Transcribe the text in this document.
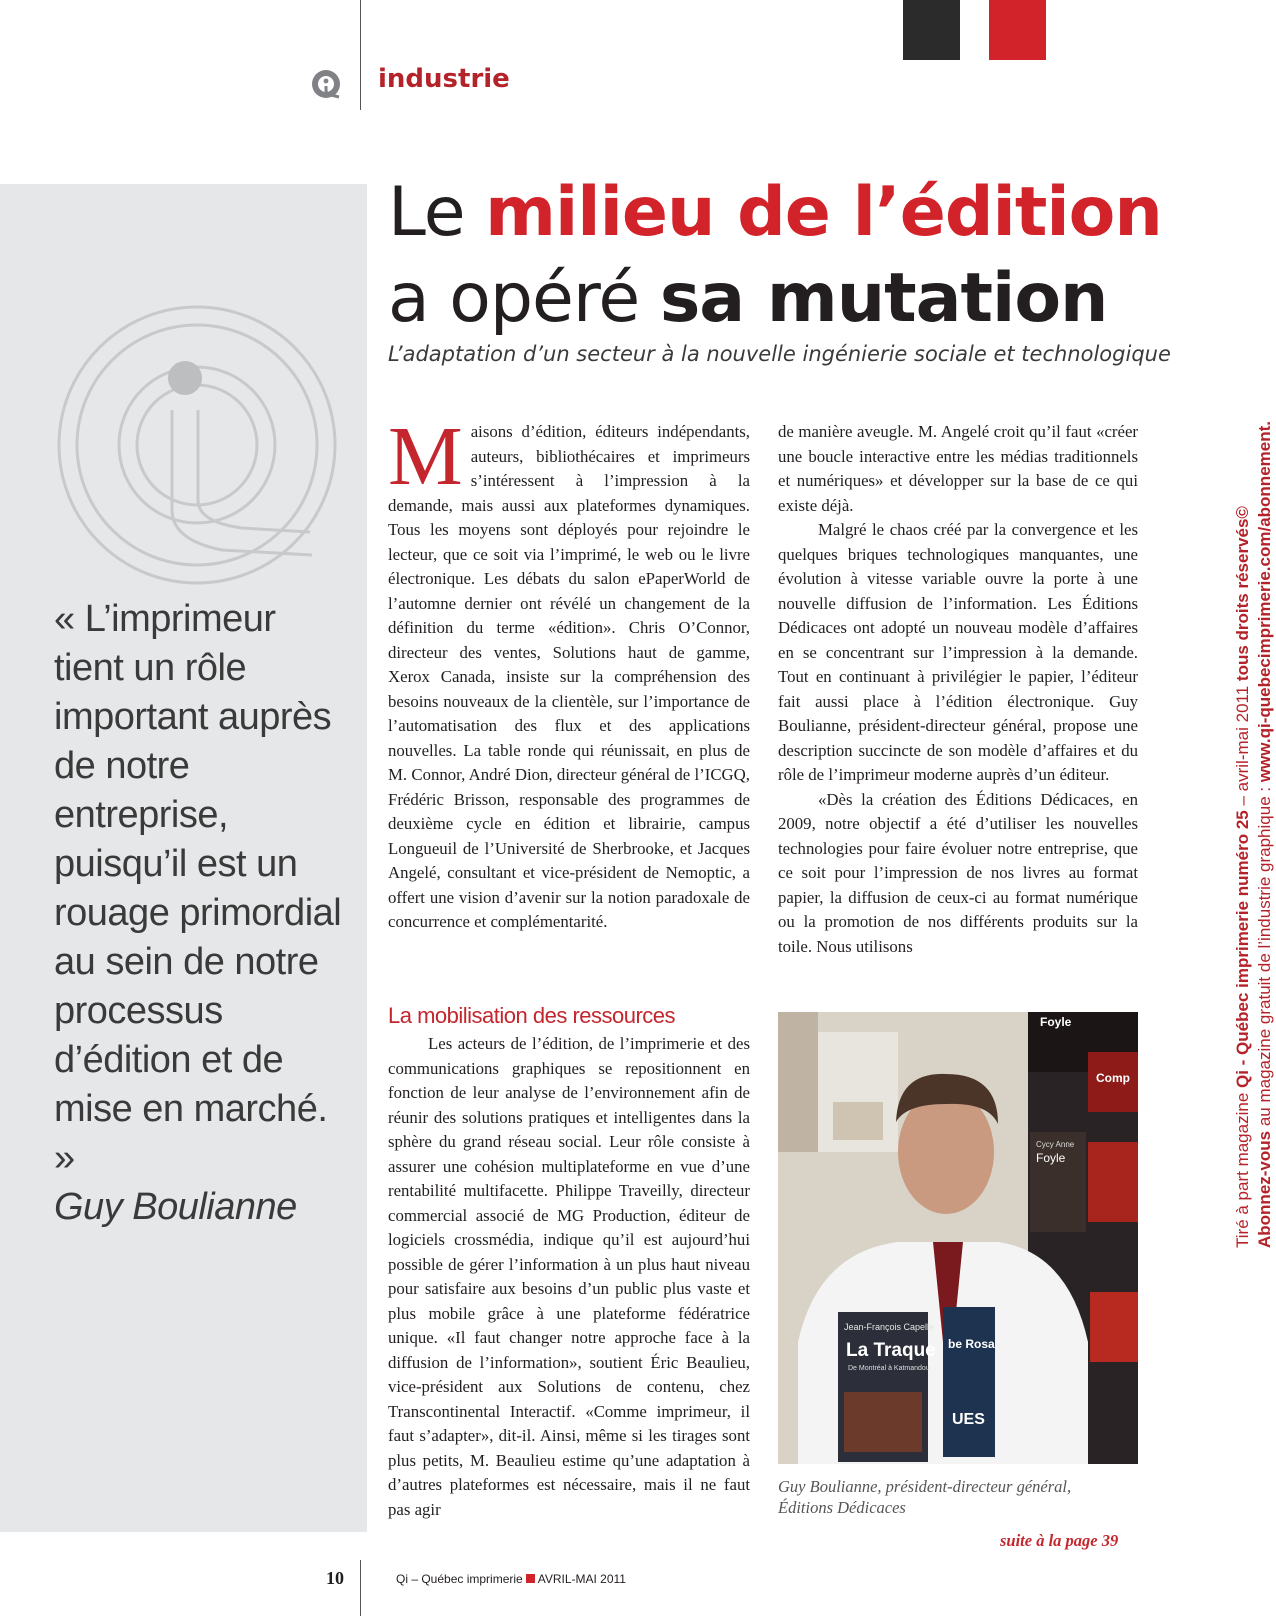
industrie
« L’imprimeur tient un rôle important auprès de notre entreprise, puisqu’il est un rouage primordial au sein de notre processus d’édition et de mise en marché. »
Guy Boulianne
Le milieu de l’édition
a opéré sa mutation
L’adaptation d’un secteur à la nouvelle ingénierie sociale et technologique

Maisons d’édition, éditeurs indépendants, auteurs, bibliothécaires et imprimeurs s’intéressent à l’impression à la demande, mais aussi aux plateformes dynamiques. Tous les moyens sont déployés pour rejoindre le lecteur, que ce soit via l’imprimé, le web ou le livre électronique. Les débats du salon ePaperWorld de l’automne dernier ont révélé un changement de la définition du terme «édition». Chris O’Connor, directeur des ventes, Solutions haut de gamme, Xerox Canada, insiste sur la compréhension des besoins nouveaux de la clientèle, sur l’importance de l’automatisation des flux et des applications nouvelles. La table ronde qui réunissait, en plus de M. Connor, André Dion, directeur général de l’ICGQ, Frédéric Brisson, responsable des programmes de deuxième cycle en édition et librairie, campus Longueuil de l’Université de Sherbrooke, et Jacques Angelé, consultant et vice-président de Nemoptic, a offert une vision d’avenir sur la notion paradoxale de concurrence et complémentarité.

La mobilisation des ressources

Les acteurs de l’édition, de l’imprimerie et des communications graphiques se repositionnent en fonction de leur analyse de l’environnement afin de réunir des solutions pratiques et intelligentes dans la sphère du grand réseau social. Leur rôle consiste à assurer une cohésion multiplateforme en vue d’une rentabilité multifacette. Philippe Traveilly, directeur commercial associé de MG Production, éditeur de logiciels crossmédia, indique qu’il est aujourd’hui possible de gérer l’information à un plus haut niveau pour satisfaire aux besoins d’un public plus vaste et plus mobile grâce à une plateforme fédératrice unique. «Il faut changer notre approche face à la diffusion de l’information», soutient Éric Beaulieu, vice-président aux Solutions de contenu, chez Transcontinental Interactif. «Comme imprimeur, il faut s’adapter», dit-il. Ainsi, même si les tirages sont plus petits, M. Beaulieu estime qu’une adaptation à d’autres plateformes est nécessaire, mais il ne faut pas agir

de manière aveugle. M. Angelé croit qu’il faut «créer une boucle interactive entre les médias traditionnels et numériques» et développer sur la base de ce qui existe déjà.

Malgré le chaos créé par la convergence et les quelques briques technologiques manquantes, une évolution à vitesse variable ouvre la porte à une nouvelle diffusion de l’information. Les Éditions Dédicaces ont adopté un nouveau modèle d’affaires en se concentrant sur l’impression à la demande. Tout en continuant à privilégier le papier, l’éditeur fait aussi place à l’édition électronique. Guy Boulianne, président-directeur général, propose une description succincte de son modèle d’affaires et du rôle de l’imprimeur moderne auprès d’un éditeur.

«Dès la création des Éditions Dédicaces, en 2009, notre objectif a été d’utiliser les nouvelles technologies pour faire évoluer notre entreprise, que ce soit pour l’impression de nos livres au format papier, la diffusion de ceux-ci au format numérique ou la promotion de nos différents produits sur la toile. Nous utilisons

Foyle
Comp
Cycy Anne
Foyle
Jean-François Capelle
La Traque
De Montréal à Katmandou
be Rosa
UES
Guy Boulianne, président-directeur général,
Éditions Dédicaces
suite à la page 39
Tiré à part magazine Qi - Québec imprimerie numéro 25 – avril-mai 2011 tous droits réservés©
Abonnez-vous au magazine gratuit de l’industrie graphique : www.qi-quebecimprimerie.com/abonnement.
10	Qi – Québec imprimerie AVRIL-MAI 2011
